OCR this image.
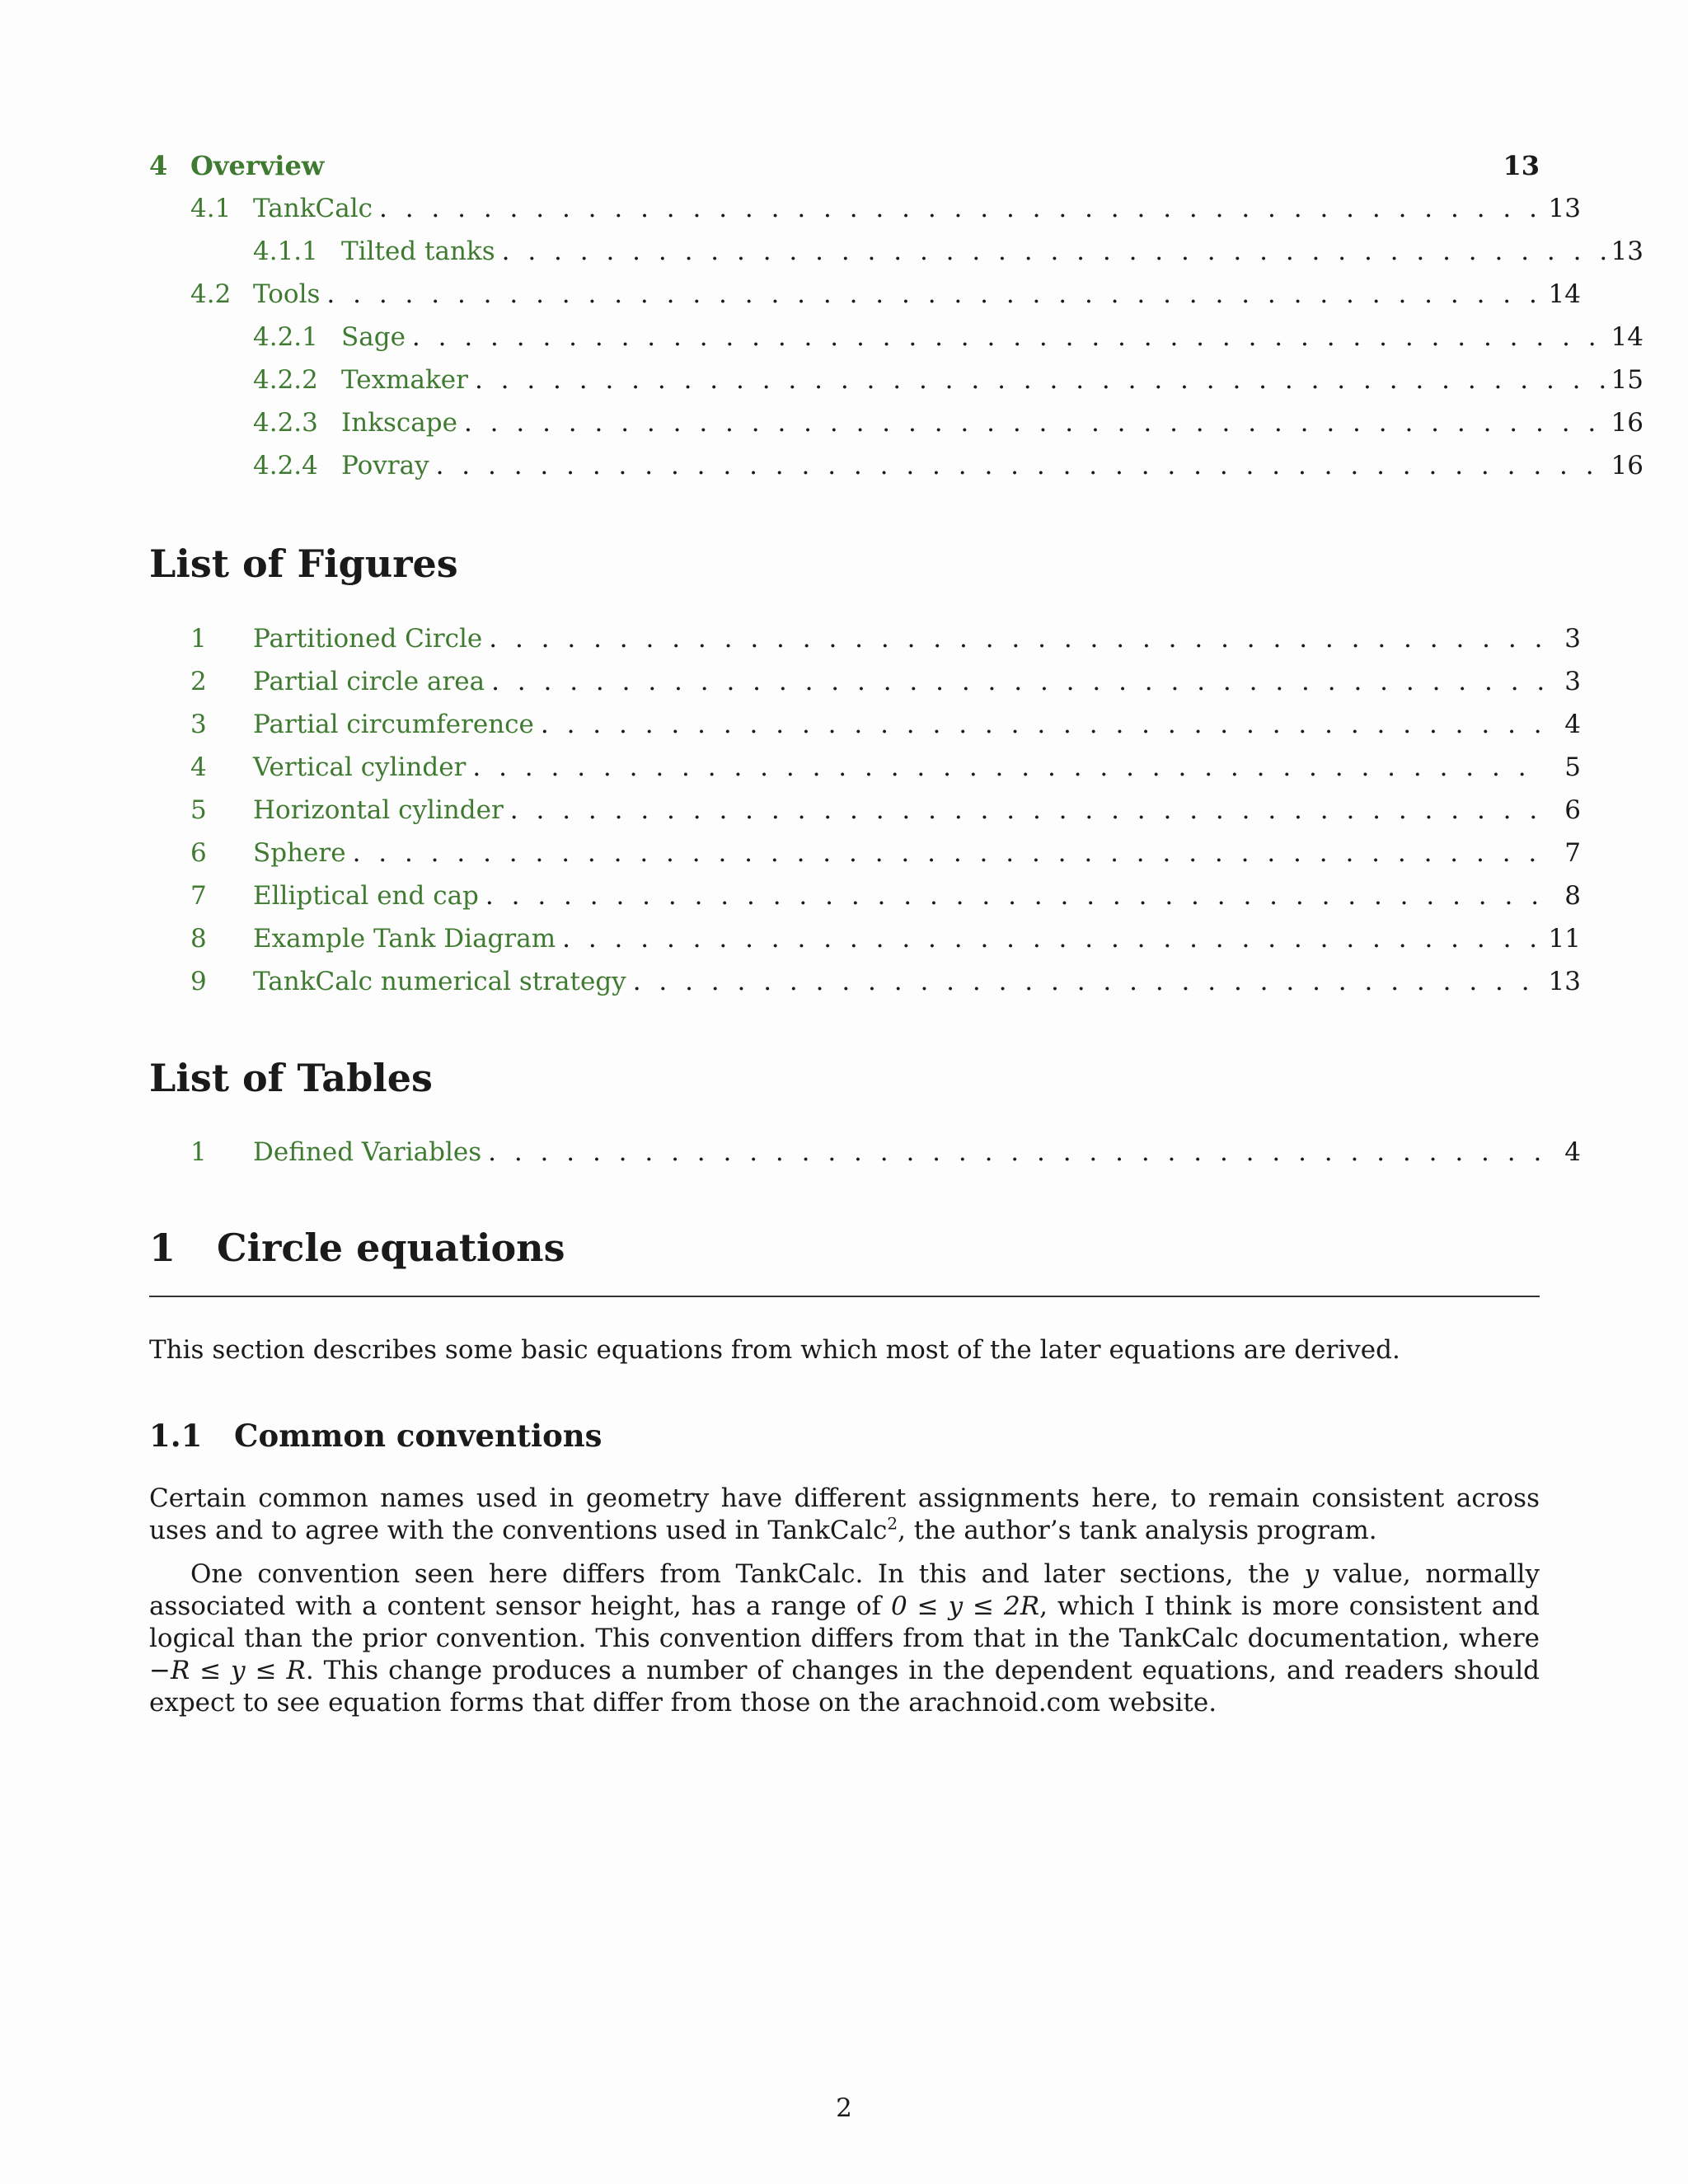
4 Overview	13
4.1 TankCalc . . .	13
4.1.1 Tilted tanks . . .	13
4.2 Tools . . .	14
4.2.1 Sage . . .	14
4.2.2 Texmaker . . .	15
4.2.3 Inkscape . . .	16
4.2.4 Povray . . .	16
List of Figures
1	Partitioned Circle . . .	3
2	Partial circle area . . .	3
3	Partial circumference . . .	4
4	Vertical cylinder . . .	5
5	Horizontal cylinder . . .	6
6	Sphere . . .	7
7	Elliptical end cap . . .	8
8	Example Tank Diagram . . .	11
9	TankCalc numerical strategy . . .	13
List of Tables
1	Defined Variables . . .	4
1 Circle equations
This section describes some basic equations from which most of the later equations are derived.
1.1 Common conventions
Certain common names used in geometry have different assignments here, to remain consistent across uses and to agree with the conventions used in TankCalc$^2$, the author’s tank analysis program.
One convention seen here differs from TankCalc. In this and later sections, the y value, normally associated with a content sensor height, has a range of 0 ≤ y ≤ 2R, which I think is more consistent and logical than the prior convention. This convention differs from that in the TankCalc documentation, where −R ≤ y ≤ R. This change produces a number of changes in the dependent equations, and readers should expect to see equation forms that differ from those on the arachnoid.com website.
2
